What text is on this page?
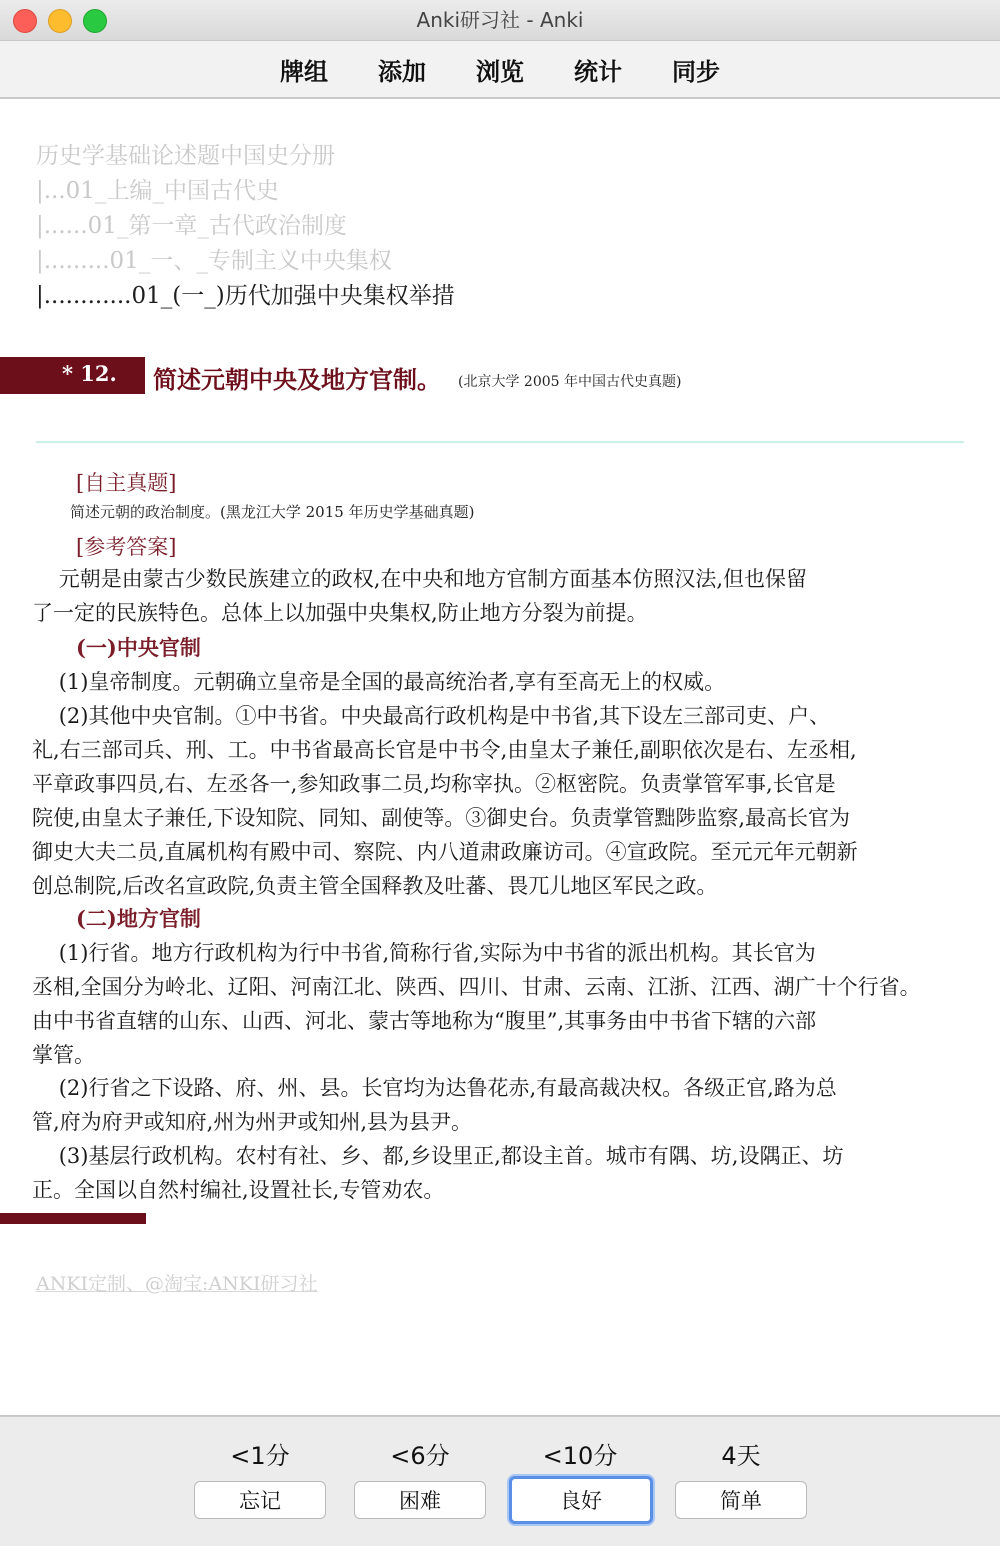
Anki研习社 - Anki
牌组 添加 浏览 统计 同步
历史学基础论述题中国史分册
|...01_上编_中国古代史
|......01_第一章_古代政治制度
|.........01_一、_专制主义中央集权
|............01_(一_)历代加强中央集权举措
* 12. 简述元朝中央及地方官制。 (北京大学 2005 年中国古代史真题)
[自主真题]
简述元朝的政治制度。(黑龙江大学 2015 年历史学基础真题)
[参考答案]
元朝是由蒙古少数民族建立的政权,在中央和地方官制方面基本仿照汉法,但也保留
了一定的民族特色。总体上以加强中央集权,防止地方分裂为前提。
(一)中央官制
(1)皇帝制度。元朝确立皇帝是全国的最高统治者,享有至高无上的权威。
(2)其他中央官制。①中书省。中央最高行政机构是中书省,其下设左三部司吏、户、
礼,右三部司兵、刑、工。中书省最高长官是中书令,由皇太子兼任,副职依次是右、左丞相,
平章政事四员,右、左丞各一,参知政事二员,均称宰执。②枢密院。负责掌管军事,长官是
院使,由皇太子兼任,下设知院、同知、副使等。③御史台。负责掌管黜陟监察,最高长官为
御史大夫二员,直属机构有殿中司、察院、内八道肃政廉访司。④宣政院。至元元年元朝新
创总制院,后改名宣政院,负责主管全国释教及吐蕃、畏兀儿地区军民之政。
(二)地方官制
(1)行省。地方行政机构为行中书省,简称行省,实际为中书省的派出机构。其长官为
丞相,全国分为岭北、辽阳、河南江北、陕西、四川、甘肃、云南、江浙、江西、湖广十个行省。
由中书省直辖的山东、山西、河北、蒙古等地称为“腹里”,其事务由中书省下辖的六部
掌管。
(2)行省之下设路、府、州、县。长官均为达鲁花赤,有最高裁决权。各级正官,路为总
管,府为府尹或知府,州为州尹或知州,县为县尹。
(3)基层行政机构。农村有社、乡、都,乡设里正,都设主首。城市有隅、坊,设隅正、坊
正。全国以自然村编社,设置社长,专管劝农。
ANKI定制、@淘宝:ANKI研习社
<1分	<6分	<10分	4天
忘记	困难	良好	简单
